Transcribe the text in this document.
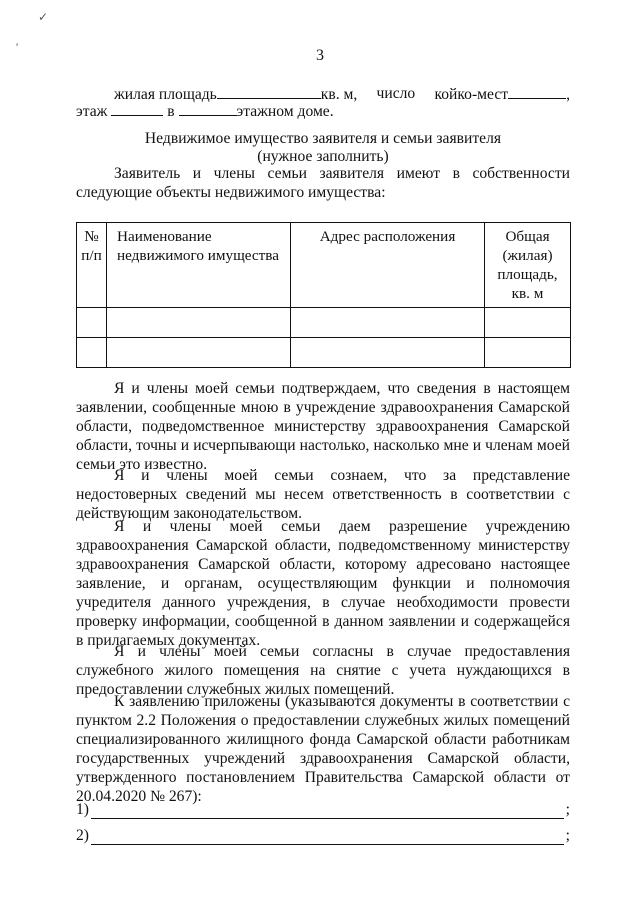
3
жилая площадь	кв. м, число койко-мест	,
этаж	в	этажном доме.
Недвижимое имущество заявителя и семьи заявителя
(нужное заполнить)
Заявитель и члены семьи заявителя имеют в собственности следующие объекты недвижимого имущества:
№ п/п	Наименование недвижимого имущества	Адрес расположения	Общая (жилая) площадь, кв. м

Я и члены моей семьи подтверждаем, что сведения в настоящем заявлении, сообщенные мною в учреждение здравоохранения Самарской области, подведомственное министерству здравоохранения Самарской области, точны и исчерпывающи настолько, насколько мне и членам моей семьи это известно.
Я и члены моей семьи сознаем, что за представление недостоверных сведений мы несем ответственность в соответствии с действующим законодательством.
Я и члены моей семьи даем разрешение учреждению здравоохранения Самарской области, подведомственному министерству здравоохранения Самарской области, которому адресовано настоящее заявление, и органам, осуществляющим функции и полномочия учредителя данного учреждения, в случае необходимости провести проверку информации, сообщенной в данном заявлении и содержащейся в прилагаемых документах.
Я и члены моей семьи согласны в случае предоставления служебного жилого помещения на снятие с учета нуждающихся в предоставлении служебных жилых помещений.
К заявлению приложены (указываются документы в соответствии с пунктом 2.2 Положения о предоставлении служебных жилых помещений специализированного жилищного фонда Самарской области работникам государственных учреждений здравоохранения Самарской области, утвержденного постановлением Правительства Самарской области от 20.04.2020 № 267):
1)	;
2)	;
✓
'
